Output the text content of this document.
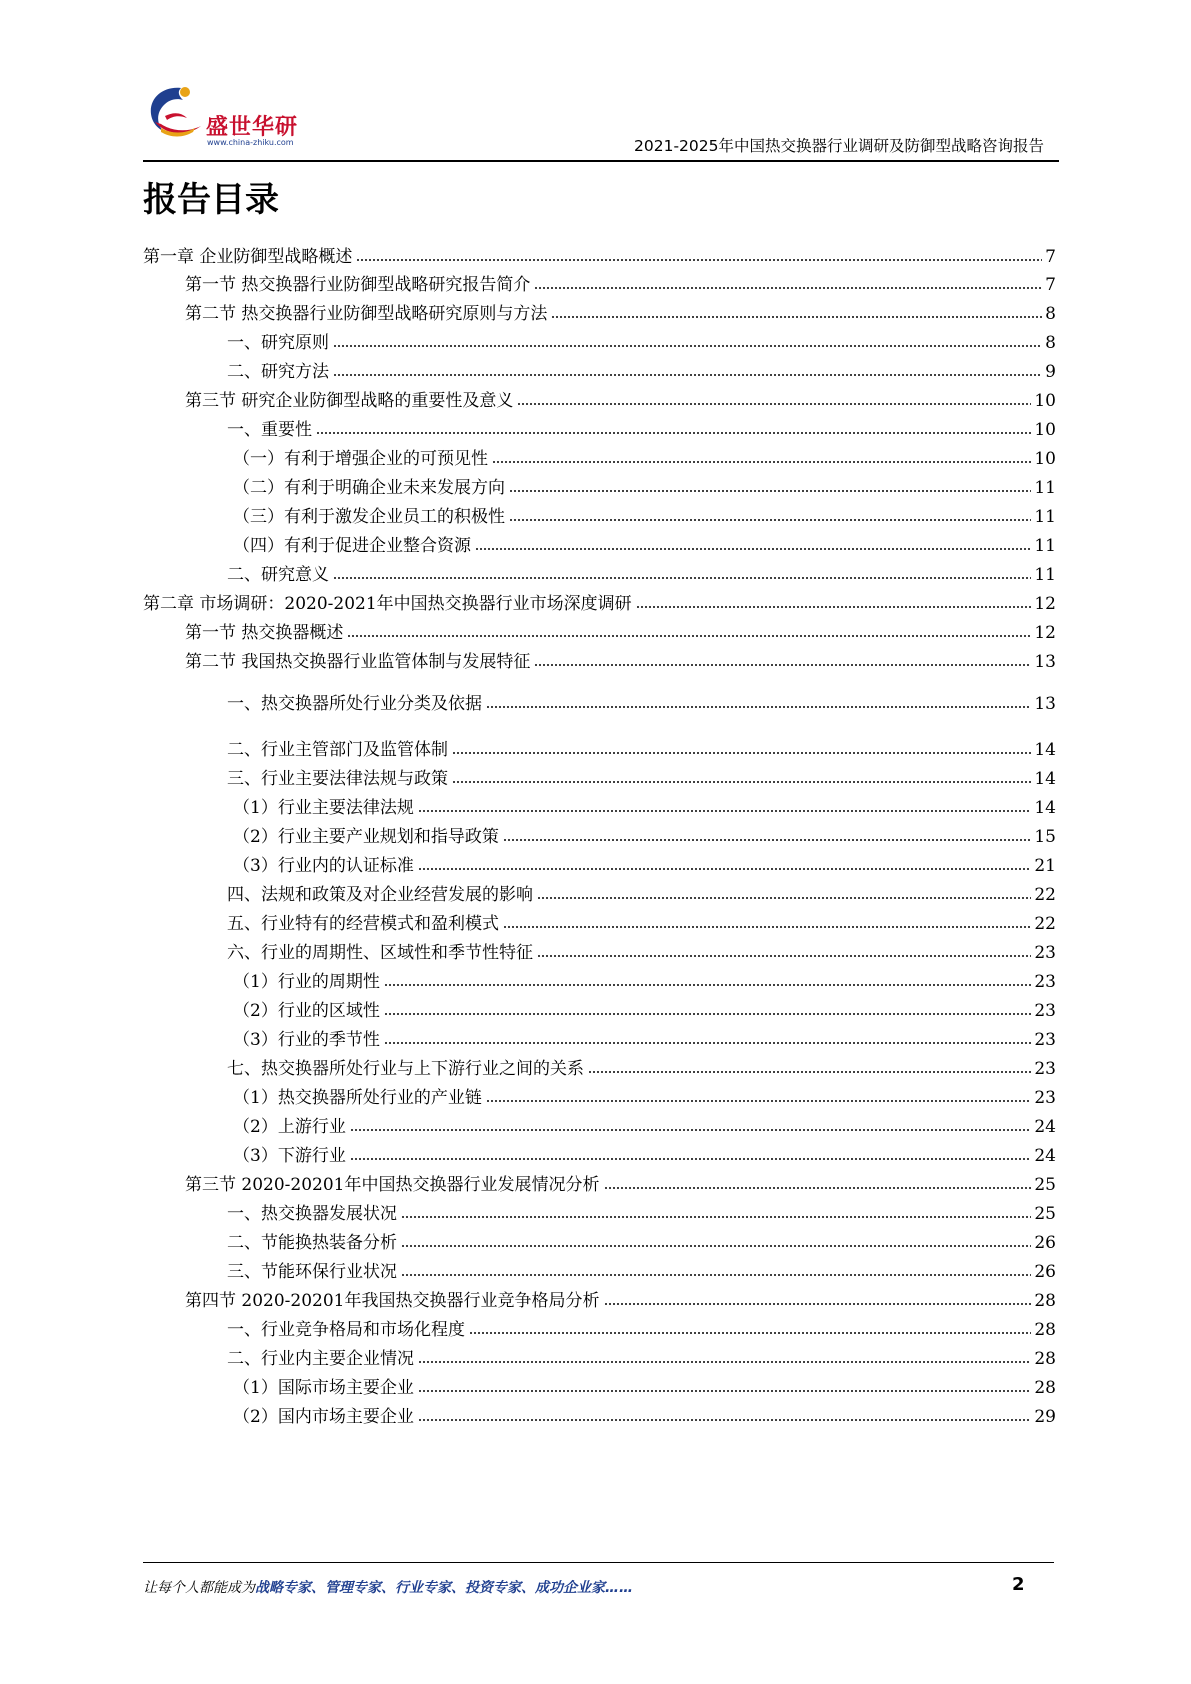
盛世华研
www.china-zhiku.com	2021-2025年中国热交换器行业调研及防御型战略咨询报告
报告目录
第一章 企业防御型战略概述	7
第一节 热交换器行业防御型战略研究报告简介	7
第二节 热交换器行业防御型战略研究原则与方法	8
一、研究原则	8
二、研究方法	9
第三节 研究企业防御型战略的重要性及意义	10
一、重要性	10
（一）有利于增强企业的可预见性	10
（二）有利于明确企业未来发展方向	11
（三）有利于激发企业员工的积极性	11
（四）有利于促进企业整合资源	11
二、研究意义	11
第二章 市场调研：2020-2021年中国热交换器行业市场深度调研	12
第一节 热交换器概述	12
第二节 我国热交换器行业监管体制与发展特征	13
一、热交换器所处行业分类及依据	13
二、行业主管部门及监管体制	14
三、行业主要法律法规与政策	14
（1）行业主要法律法规	14
（2）行业主要产业规划和指导政策	15
（3）行业内的认证标准	21
四、法规和政策及对企业经营发展的影响	22
五、行业特有的经营模式和盈利模式	22
六、行业的周期性、区域性和季节性特征	23
（1）行业的周期性	23
（2）行业的区域性	23
（3）行业的季节性	23
七、热交换器所处行业与上下游行业之间的关系	23
（1）热交换器所处行业的产业链	23
（2）上游行业	24
（3）下游行业	24
第三节 2020-20201年中国热交换器行业发展情况分析	25
一、热交换器发展状况	25
二、节能换热装备分析	26
三、节能环保行业状况	26
第四节 2020-20201年我国热交换器行业竞争格局分析	28
一、行业竞争格局和市场化程度	28
二、行业内主要企业情况	28
（1）国际市场主要企业	28
（2）国内市场主要企业	29
让每个人都能成为战略专家、管理专家、行业专家、投资专家、成功企业家……	2
